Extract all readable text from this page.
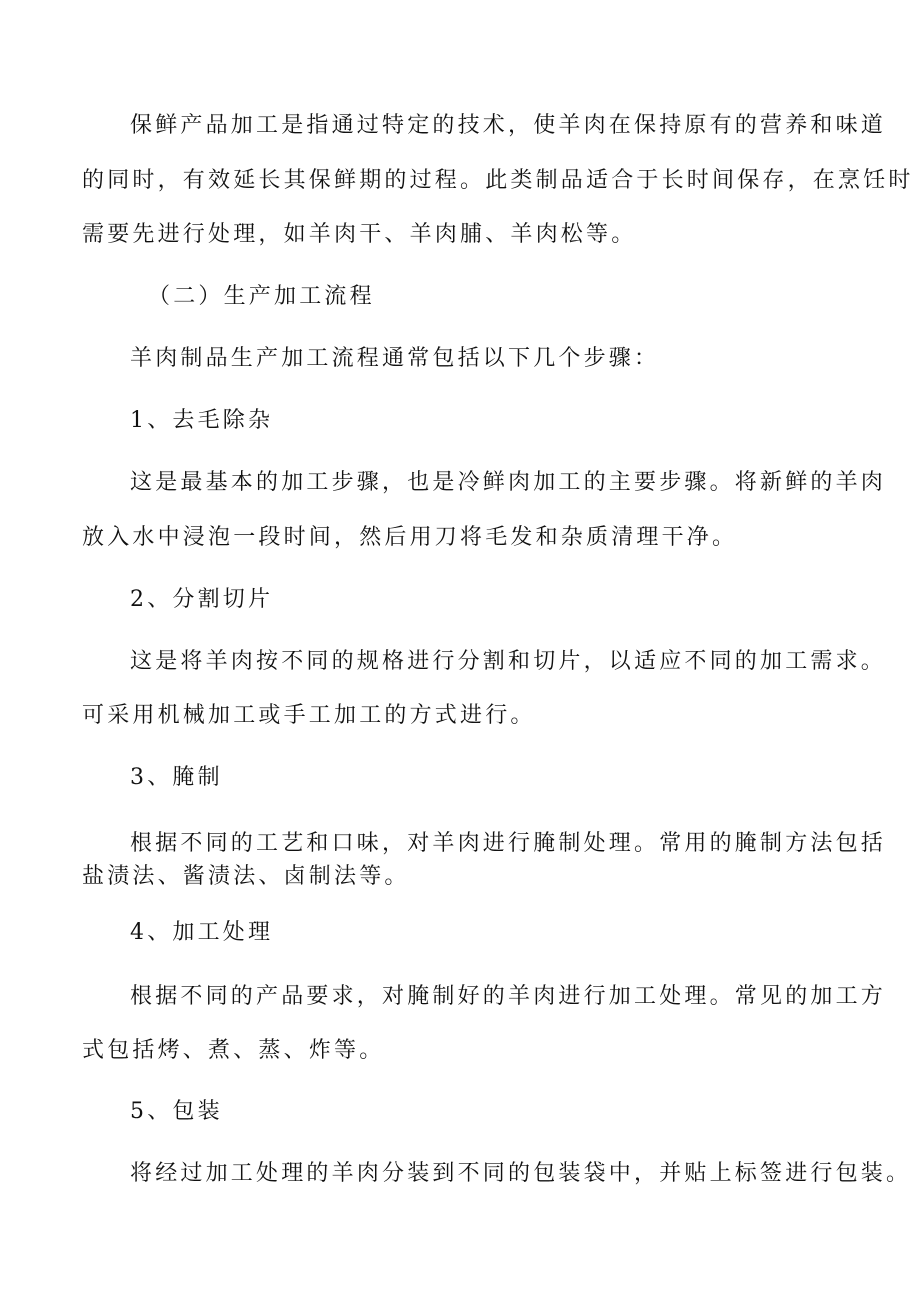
保鲜产品加工是指通过特定的技术，使羊肉在保持原有的营养和味道
的同时，有效延长其保鲜期的过程。此类制品适合于长时间保存，在烹饪时
需要先进行处理，如羊肉干、羊肉脯、羊肉松等。
（二）生产加工流程
羊肉制品生产加工流程通常包括以下几个步骤：
1、去毛除杂
这是最基本的加工步骤，也是冷鲜肉加工的主要步骤。将新鲜的羊肉
放入水中浸泡一段时间，然后用刀将毛发和杂质清理干净。
2、分割切片
这是将羊肉按不同的规格进行分割和切片，以适应不同的加工需求。
可采用机械加工或手工加工的方式进行。
3、腌制
根据不同的工艺和口味，对羊肉进行腌制处理。常用的腌制方法包括
盐渍法、酱渍法、卤制法等。
4、加工处理
根据不同的产品要求，对腌制好的羊肉进行加工处理。常见的加工方
式包括烤、煮、蒸、炸等。
5、包装
将经过加工处理的羊肉分装到不同的包装袋中，并贴上标签进行包装。
